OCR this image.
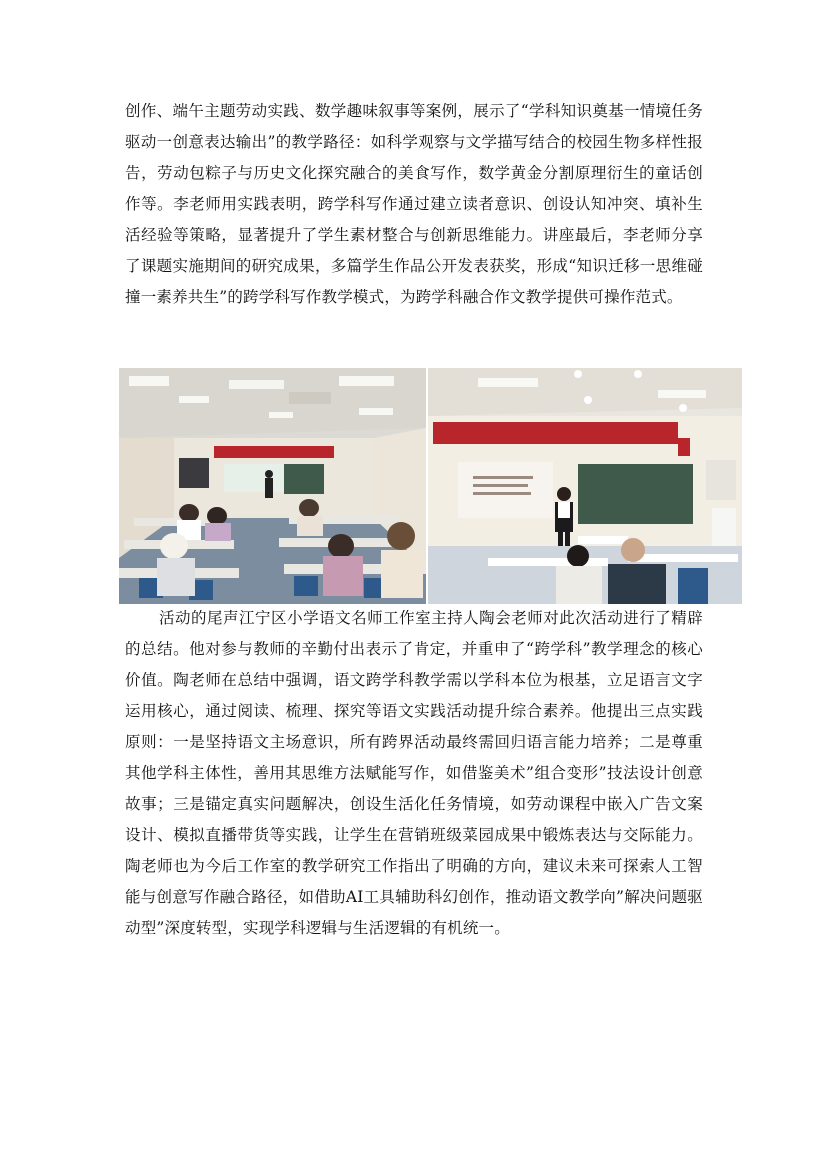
创作、端午主题劳动实践、数学趣味叙事等案例，展示了“学科知识奠基一情境任务驱动一创意表达输出”的教学路径：如科学观察与文学描写结合的校园生物多样性报告，劳动包粽子与历史文化探究融合的美食写作，数学黄金分割原理衍生的童话创作等。李老师用实践表明，跨学科写作通过建立读者意识、创设认知冲突、填补生活经验等策略，显著提升了学生素材整合与创新思维能力。讲座最后，李老师分享了课题实施期间的研究成果，多篇学生作品公开发表获奖，形成“知识迁移一思维碰撞一素养共生”的跨学科写作教学模式，为跨学科融合作文教学提供可操作范式。

活动的尾声江宁区小学语文名师工作室主持人陶会老师对此次活动进行了精辟的总结。他对参与教师的辛勤付出表示了肯定，并重申了“跨学科”教学理念的核心价值。陶老师在总结中强调，语文跨学科教学需以学科本位为根基，立足语言文字运用核心，通过阅读、梳理、探究等语文实践活动提升综合素养。他提出三点实践原则：一是坚持语文主场意识，所有跨界活动最终需回归语言能力培养；二是尊重其他学科主体性，善用其思维方法赋能写作，如借鉴美术”组合变形”技法设计创意故事；三是锚定真实问题解决，创设生活化任务情境，如劳动课程中嵌入广告文案设计、模拟直播带货等实践，让学生在营销班级菜园成果中锻炼表达与交际能力。陶老师也为今后工作室的教学研究工作指出了明确的方向，建议未来可探索人工智能与创意写作融合路径，如借助AI工具辅助科幻创作，推动语文教学向”解决问题驱动型”深度转型，实现学科逻辑与生活逻辑的有机统一。
